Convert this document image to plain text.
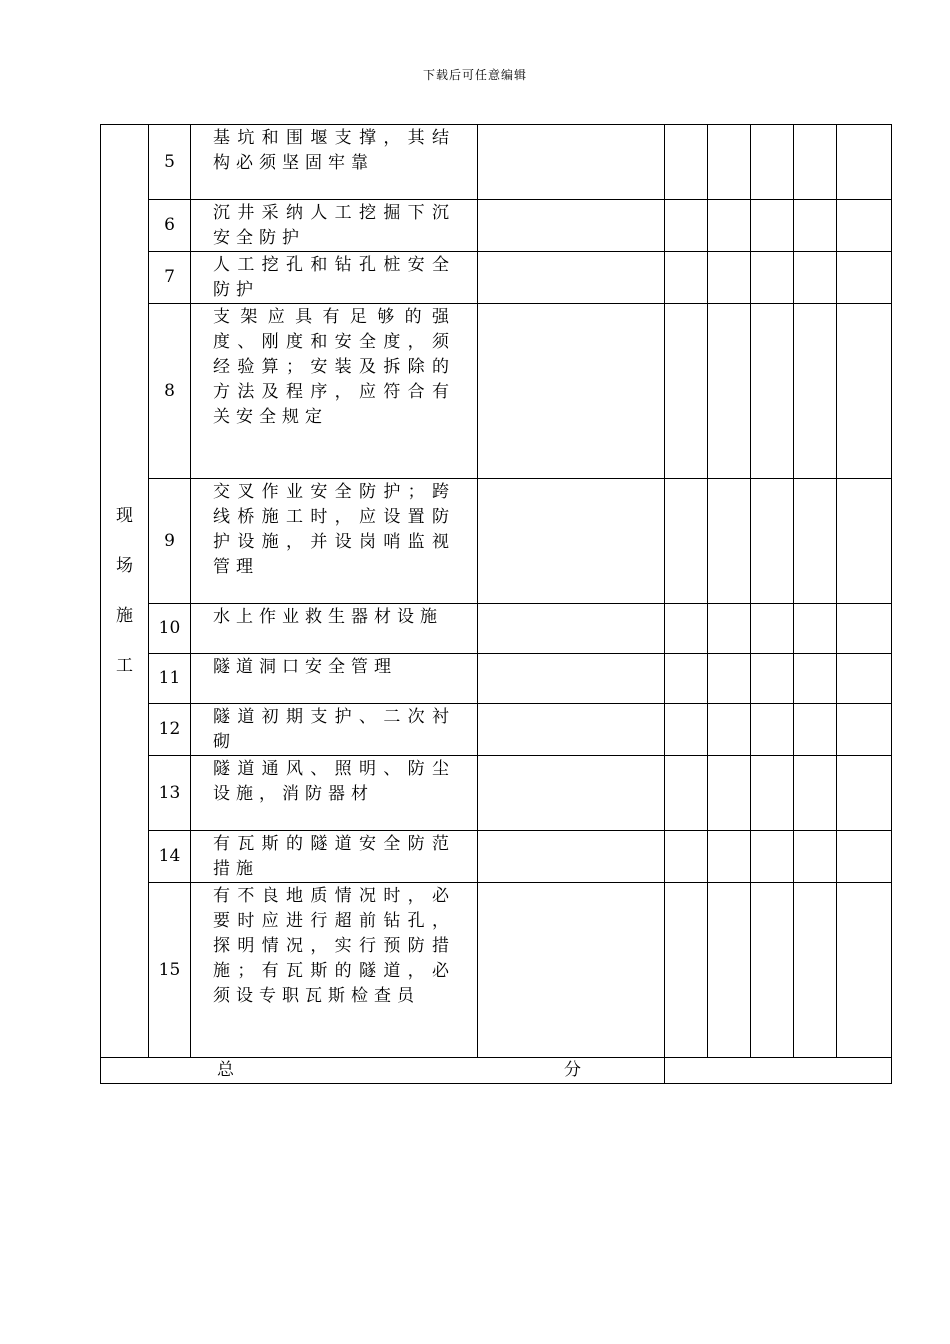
下载后可任意编辑
现
场
施
工	5	基坑和围堰支撑，其结构必须坚固牢靠						

	6	沉井采纳人工挖掘下沉安全防护						

	7	人工挖孔和钻孔桩安全防护						

	8	支架应具有足够的强度、刚度和安全度，须经验算；安装及拆除的方法及程序，应符合有关安全规定						

	9	交叉作业安全防护；跨线桥施工时，应设置防护设施，并设岗哨监视管理						

	10	水上作业救生器材设施						

	11	隧道洞口安全管理						

	12	隧道初期支护、二次衬砌						

	13	隧道通风、照明、防尘设施，消防器材						

	14	有瓦斯的隧道安全防范措施						

	15	有不良地质情况时，必要时应进行超前钻孔，探明情况，实行预防措施；有瓦斯的隧道，必须设专职瓦斯检查员						

总 分								
